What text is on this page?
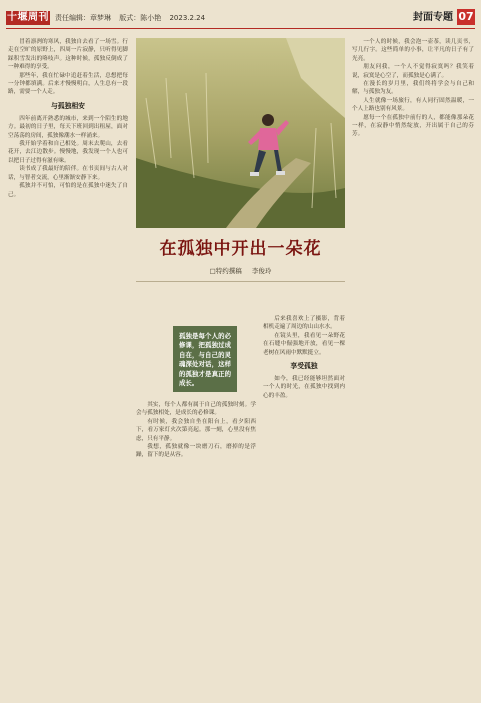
十堰周刊 责任编辑：章梦琳 版式：陈小艳 2023.2.24	封面专题 07

冒着凛冽的寒风，我独自去看了一场雪。行走在空旷的原野上，四周一片寂静，只听得见脚踩积雪发出的咯吱声。这种时候，孤独反倒成了一种难得的享受。

那些年，我在忙碌中追赶着生活，总想把每一分钟都填满。后来才慢慢明白，人生总有一段路，需要一个人走。

与孤独相安

四年前离开熟悉的城市，来到一个陌生的地方。最初的日子里，每天下班回到出租屋，面对空荡荡的房间，孤独像潮水一样涌来。

我开始学着和自己相处。周末去爬山，去看花开，去江边散步。慢慢地，我发现一个人也可以把日子过得有滋有味。

读书成了我最好的陪伴。在书页间与古人对话，与智者交流，心里渐渐安静下来。

孤独并不可怕，可怕的是在孤独中迷失了自己。

在孤独中开出一朵花
□特约撰稿 李俊玲

其实，每个人都有属于自己的孤独时刻。学会与孤独相处，是成长的必修课。

有时候，我会独自坐在阳台上，看夕阳西下，看万家灯火次第亮起。那一刻，心里没有焦虑，只有平静。

我想，孤独就像一块磨刀石，磨掉的是浮躁，留下的是从容。

孤独是每个人的必修课，把孤独过成自在，与自己的灵魂深处对话，这样的孤独才是真正的成长。

后来我喜欢上了摄影，背着相机走遍了周边的山山水水。

在镜头里，我看见一朵野花在石缝中倔强地开放，看见一棵老树在风雨中默默挺立。

享受孤独

如今，我已经能够坦然面对一个人的时光，在孤独中找到内心的丰盈。

一个人的时候，我会泡一壶茶，读几页书，写几行字。这些简单的小事，让平凡的日子有了光亮。

朋友问我，一个人不觉得寂寞吗？我笑着说，寂寞是心空了，而孤独是心满了。

在漫长的岁月里，我们终将学会与自己和解，与孤独为友。

人生就像一场旅行，有人同行固然温暖，一个人上路也别有风景。

愿每一个在孤独中前行的人，都能像那朵花一样，在寂静中悄然绽放，开出属于自己的芬芳。
